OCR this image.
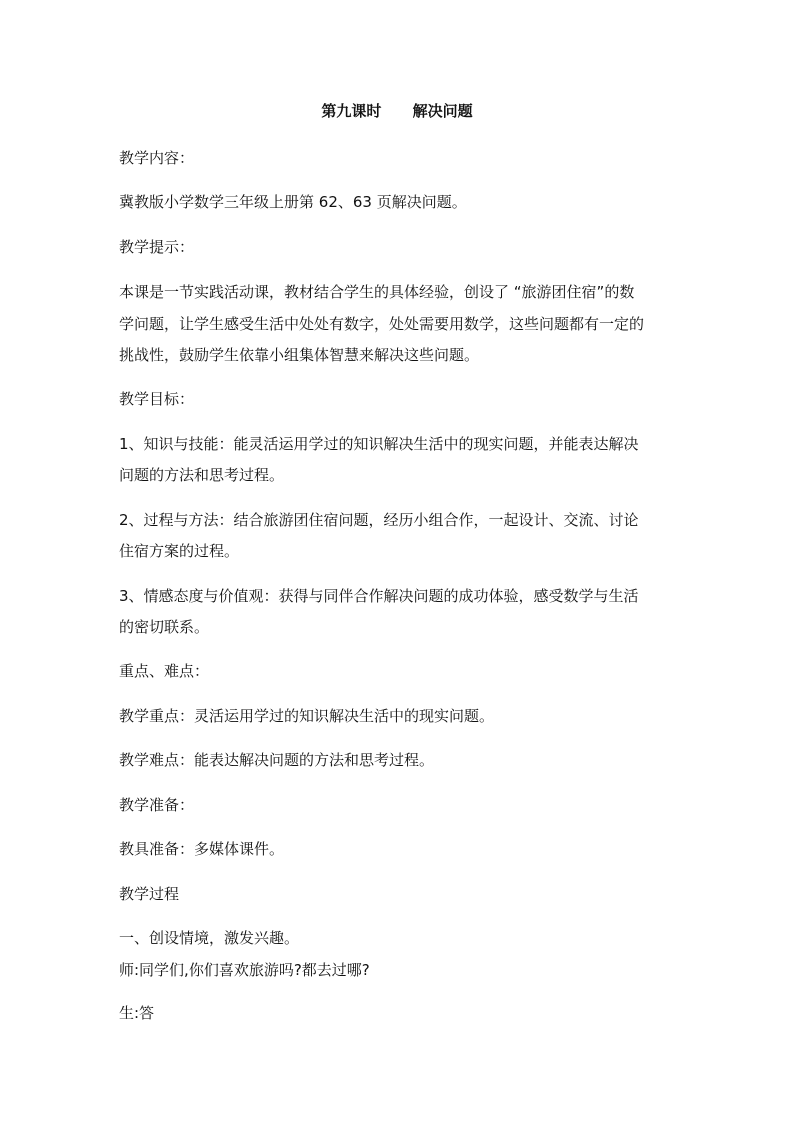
第九课时      解决问题
教学内容：
冀教版小学数学三年级上册第 62、63 页解决问题。
教学提示：
本课是一节实践活动课，教材结合学生的具体经验，创设了 “旅游团住宿”的数
学问题，让学生感受生活中处处有数字，处处需要用数学，这些问题都有一定的
挑战性，鼓励学生依靠小组集体智慧来解决这些问题。
教学目标：
1、知识与技能：能灵活运用学过的知识解决生活中的现实问题，并能表达解决
问题的方法和思考过程。
2、过程与方法：结合旅游团住宿问题，经历小组合作，一起设计、交流、讨论
住宿方案的过程。
3、情感态度与价值观：获得与同伴合作解决问题的成功体验，感受数学与生活
的密切联系。
重点、难点：
教学重点：灵活运用学过的知识解决生活中的现实问题。
教学难点：能表达解决问题的方法和思考过程。
教学准备：
教具准备：多媒体课件。
教学过程
一、创设情境，激发兴趣。
师:同学们,你们喜欢旅游吗?都去过哪?
生:答
